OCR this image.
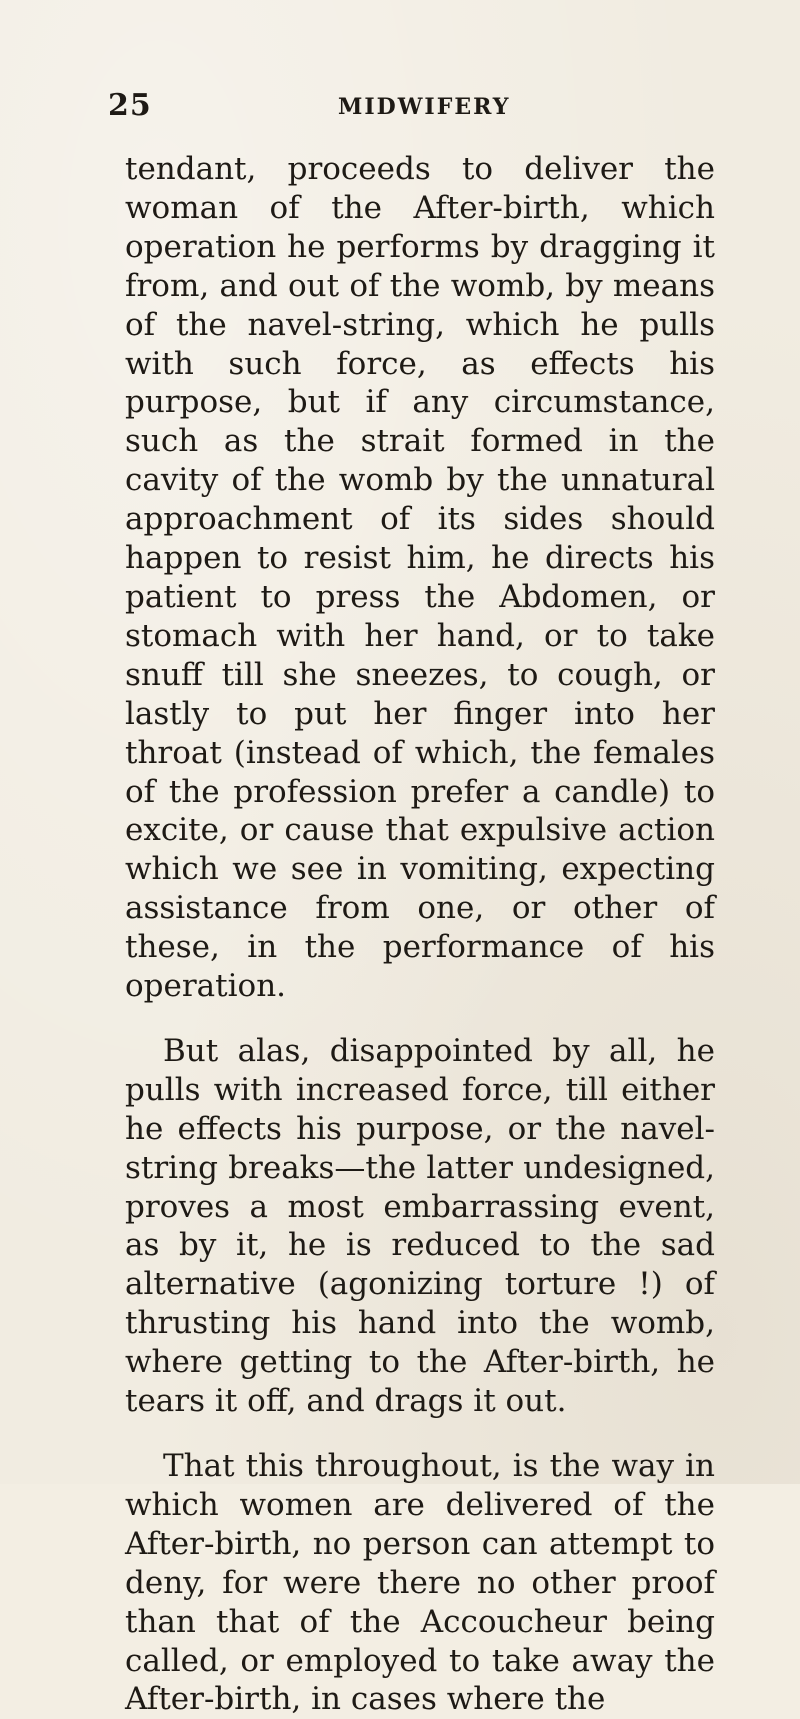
25	MIDWIFERY

tendant, proceeds to deliver the woman of the After-birth, which operation he performs by dragging it from, and out of the womb, by means of the navel-string, which he pulls with such force, as effects his purpose, but if any circumstance, such as the strait formed in the cavity of the womb by the unnatural approachment of its sides should happen to resist him, he directs his patient to press the Abdomen, or stomach with her hand, or to take snuff till she sneezes, to cough, or lastly to put her finger into her throat (instead of which, the females of the profession prefer a candle) to excite, or cause that expulsive action which we see in vomiting, expecting assistance from one, or other of these, in the performance of his operation.

But alas, disappointed by all, he pulls with increased force, till either he effects his purpose, or the navel-string breaks—the latter undesigned, proves a most embarrassing event, as by it, he is reduced to the sad alternative (agonizing torture !) of thrusting his hand into the womb, where getting to the After-birth, he tears it off, and drags it out.

That this throughout, is the way in which women are delivered of the After-birth, no person can attempt to deny, for were there no other proof than that of the Accoucheur being called, or employed to take away the After-birth, in cases where the
